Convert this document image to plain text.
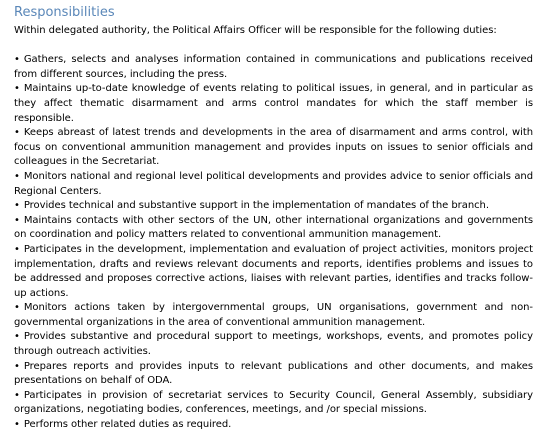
Responsibilities

Within delegated authority, the Political Affairs Officer will be responsible for the following duties:

• Gathers, selects and analyses information contained in communications and publications received from different sources, including the press.
• Maintains up-to-date knowledge of events relating to political issues, in general, and in particular as they affect thematic disarmament and arms control mandates for which the staff member is responsible.
• Keeps abreast of latest trends and developments in the area of disarmament and arms control, with focus on conventional ammunition management and provides inputs on issues to senior officials and colleagues in the Secretariat.
• Monitors national and regional level political developments and provides advice to senior officials and Regional Centers.
• Provides technical and substantive support in the implementation of mandates of the branch.
• Maintains contacts with other sectors of the UN, other international organizations and governments on coordination and policy matters related to conventional ammunition management.
• Participates in the development, implementation and evaluation of project activities, monitors project implementation, drafts and reviews relevant documents and reports, identifies problems and issues to be addressed and proposes corrective actions, liaises with relevant parties, identifies and tracks follow-up actions.
• Monitors actions taken by intergovernmental groups, UN organisations, government and non-governmental organizations in the area of conventional ammunition management.
• Provides substantive and procedural support to meetings, workshops, events, and promotes policy through outreach activities.
• Prepares reports and provides inputs to relevant publications and other documents, and makes presentations on behalf of ODA.
• Participates in provision of secretariat services to Security Council, General Assembly, subsidiary organizations, negotiating bodies, conferences, meetings, and /or special missions.
• Performs other related duties as required.
